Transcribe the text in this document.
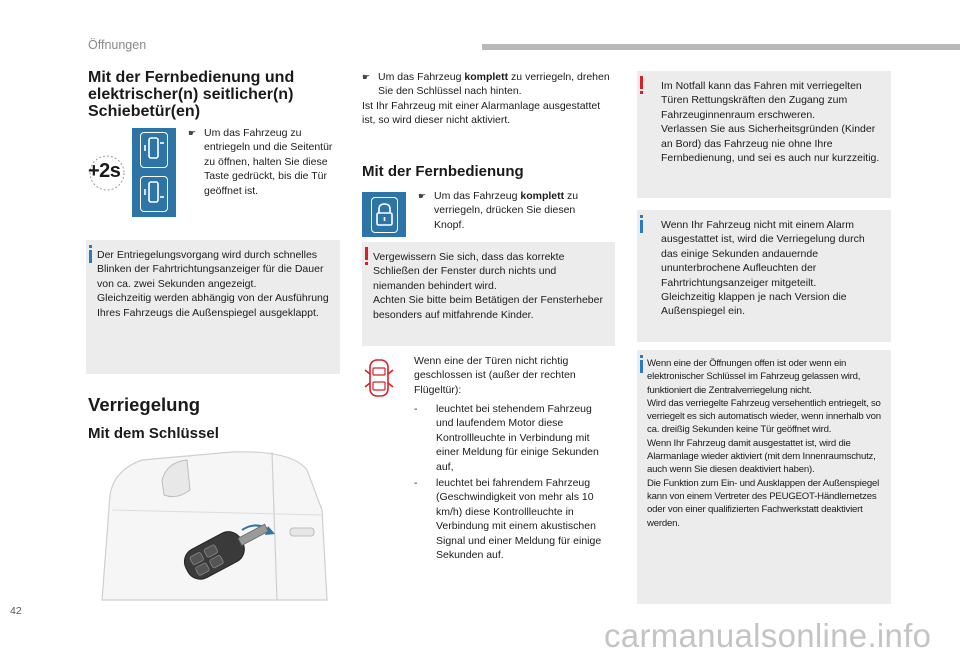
Öffnungen
Mit der Fernbedienung und elektrischer(n) seitlicher(n) Schiebetür(en)
+2s
☛ Um das Fahrzeug zu entriegeln und die Seitentür zu öffnen, halten Sie diese Taste gedrückt, bis die Tür geöffnet ist.
Der Entriegelungsvorgang wird durch schnelles Blinken der Fahrtrichtungsanzeiger für die Dauer von ca. zwei Sekunden angezeigt.
Gleichzeitig werden abhängig von der Ausführung Ihres Fahrzeugs die Außenspiegel ausgeklappt.
Verriegelung
Mit dem Schlüssel
☛ Um das Fahrzeug komplett zu verriegeln, drehen Sie den Schlüssel nach hinten.
Ist Ihr Fahrzeug mit einer Alarmanlage ausgestattet ist, so wird dieser nicht aktiviert.
Mit der Fernbedienung
☛ Um das Fahrzeug komplett zu verriegeln, drücken Sie diesen Knopf.
Vergewissern Sie sich, dass das korrekte Schließen der Fenster durch nichts und niemanden behindert wird.
Achten Sie bitte beim Betätigen der Fensterheber besonders auf mitfahrende Kinder.
Wenn eine der Türen nicht richtig geschlossen ist (außer der rechten Flügeltür):
-	leuchtet bei stehendem Fahrzeug und laufendem Motor diese Kontrollleuchte in Verbindung mit einer Meldung für einige Sekunden auf,
-	leuchtet bei fahrendem Fahrzeug (Geschwindigkeit von mehr als 10 km/h) diese Kontrollleuchte in Verbindung mit einem akustischen Signal und einer Meldung für einige Sekunden auf.
Im Notfall kann das Fahren mit verriegelten Türen Rettungskräften den Zugang zum Fahrzeuginnenraum erschweren.
Verlassen Sie aus Sicherheitsgründen (Kinder an Bord) das Fahrzeug nie ohne Ihre Fernbedienung, und sei es auch nur kurzzeitig.
Wenn Ihr Fahrzeug nicht mit einem Alarm ausgestattet ist, wird die Verriegelung durch das einige Sekunden andauernde ununterbrochene Aufleuchten der Fahrtrichtungsanzeiger mitgeteilt.
Gleichzeitig klappen je nach Version die Außenspiegel ein.
Wenn eine der Öffnungen offen ist oder wenn ein elektronischer Schlüssel im Fahrzeug gelassen wird, funktioniert die Zentralverriegelung nicht.
Wird das verriegelte Fahrzeug versehentlich entriegelt, so verriegelt es sich automatisch wieder, wenn innerhalb von ca. dreißig Sekunden keine Tür geöffnet wird.
Wenn Ihr Fahrzeug damit ausgestattet ist, wird die Alarmanlage wieder aktiviert (mit dem Innenraumschutz, auch wenn Sie diesen deaktiviert haben).
Die Funktion zum Ein- und Ausklappen der Außenspiegel kann von einem Vertreter des PEUGEOT-Händlernetzes oder von einer qualifizierten Fachwerkstatt deaktiviert werden.
42
carmanualsonline.info
